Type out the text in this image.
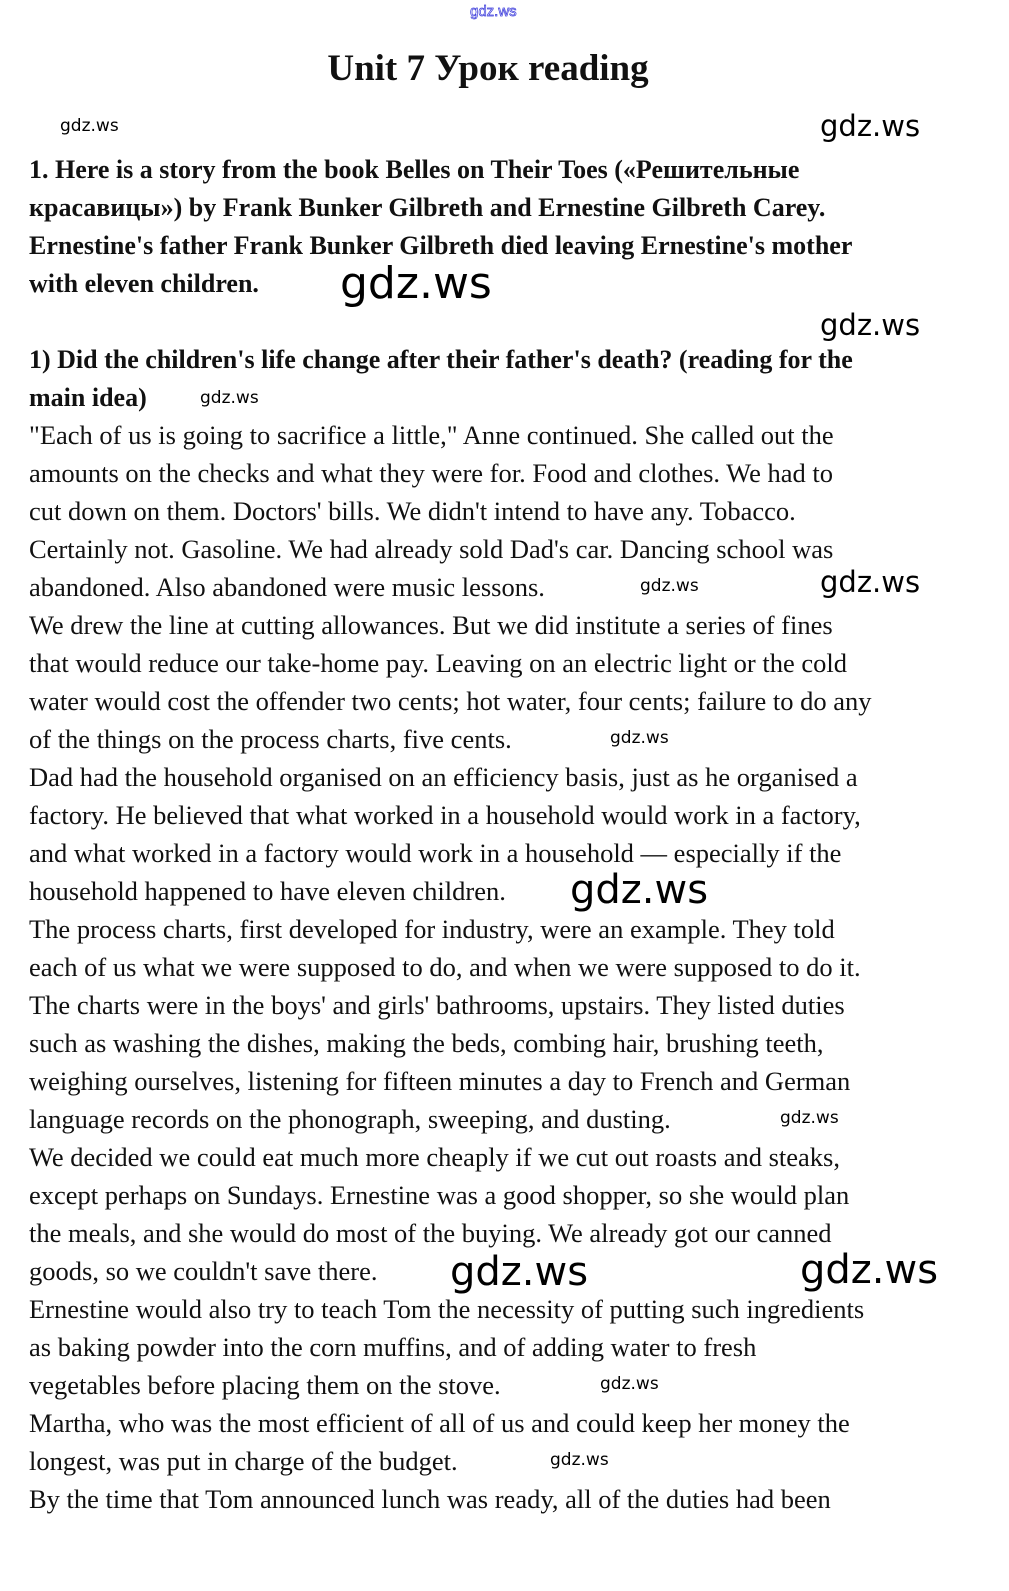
gdz.ws
Unit 7 Урок reading
1. Here is a story from the book Belles on Their Toes («Решительные
красавицы») by Frank Bunker Gilbreth and Ernestine Gilbreth Carey.
Ernestine's father Frank Bunker Gilbreth died leaving Ernestine's mother
with eleven children.
1) Did the children's life change after their father's death? (reading for the
main idea)
"Each of us is going to sacrifice a little," Anne continued. She called out the
amounts on the checks and what they were for. Food and clothes. We had to
cut down on them. Doctors' bills. We didn't intend to have any. Tobacco.
Certainly not. Gasoline. We had already sold Dad's car. Dancing school was
abandoned. Also abandoned were music lessons.
We drew the line at cutting allowances. But we did institute a series of fines
that would reduce our take-home pay. Leaving on an electric light or the cold
water would cost the offender two cents; hot water, four cents; failure to do any
of the things on the process charts, five cents.
Dad had the household organised on an efficiency basis, just as he organised a
factory. He believed that what worked in a household would work in a factory,
and what worked in a factory would work in a household — especially if the
household happened to have eleven children.
The process charts, first developed for industry, were an example. They told
each of us what we were supposed to do, and when we were supposed to do it.
The charts were in the boys' and girls' bathrooms, upstairs. They listed duties
such as washing the dishes, making the beds, combing hair, brushing teeth,
weighing ourselves, listening for fifteen minutes a day to French and German
language records on the phonograph, sweeping, and dusting.
We decided we could eat much more cheaply if we cut out roasts and steaks,
except perhaps on Sundays. Ernestine was a good shopper, so she would plan
the meals, and she would do most of the buying. We already got our canned
goods, so we couldn't save there.
Ernestine would also try to teach Tom the necessity of putting such ingredients
as baking powder into the corn muffins, and of adding water to fresh
vegetables before placing them on the stove.
Martha, who was the most efficient of all of us and could keep her money the
longest, was put in charge of the budget.
By the time that Tom announced lunch was ready, all of the duties had been
gdz.ws
gdz.ws
gdz.ws
gdz.ws
gdz.ws
gdz.ws
gdz.ws
gdz.ws
gdz.ws
gdz.ws
gdz.ws	gdz.ws
gdz.ws
gdz.ws
